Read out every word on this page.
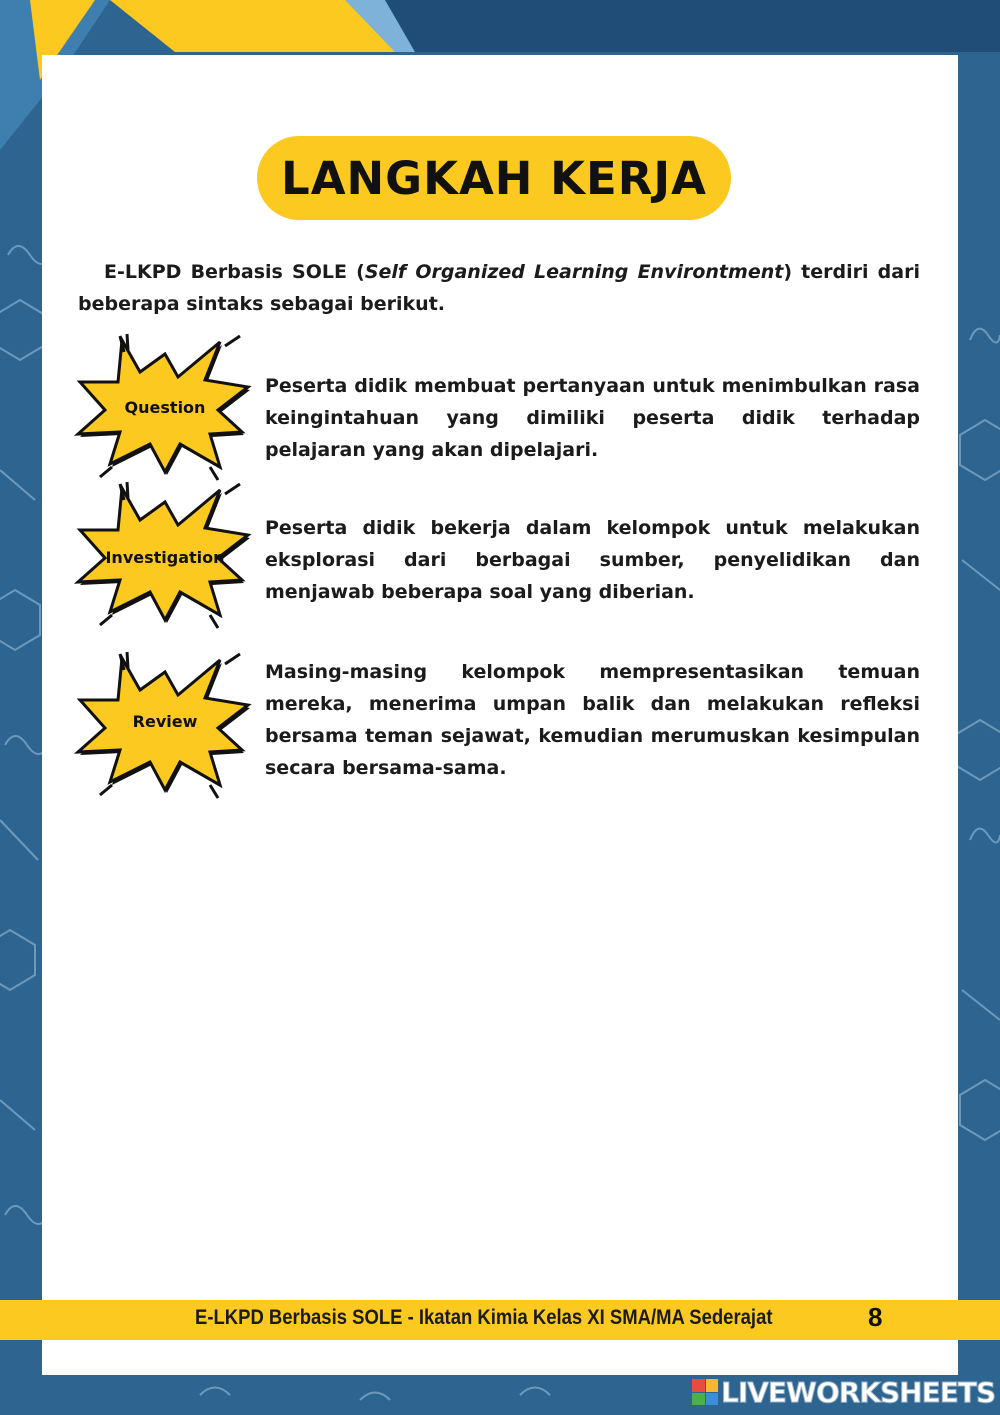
LANGKAH KERJA

E-LKPD Berbasis SOLE (Self Organized Learning Environtment) terdiri dari beberapa sintaks sebagai berikut.

Question

Peserta didik membuat pertanyaan untuk menimbulkan rasa keingintahuan yang dimiliki peserta didik terhadap pelajaran yang akan dipelajari.

Investigation

Peserta didik bekerja dalam kelompok untuk melakukan eksplorasi dari berbagai sumber, penyelidikan dan menjawab beberapa soal yang diberian.

Review

Masing-masing kelompok mempresentasikan temuan mereka, menerima umpan balik dan melakukan refleksi bersama teman sejawat, kemudian merumuskan kesimpulan secara bersama-sama.

E-LKPD Berbasis SOLE - Ikatan Kimia Kelas XI SMA/MA Sederajat	8
LIVEWORKSHEETS
